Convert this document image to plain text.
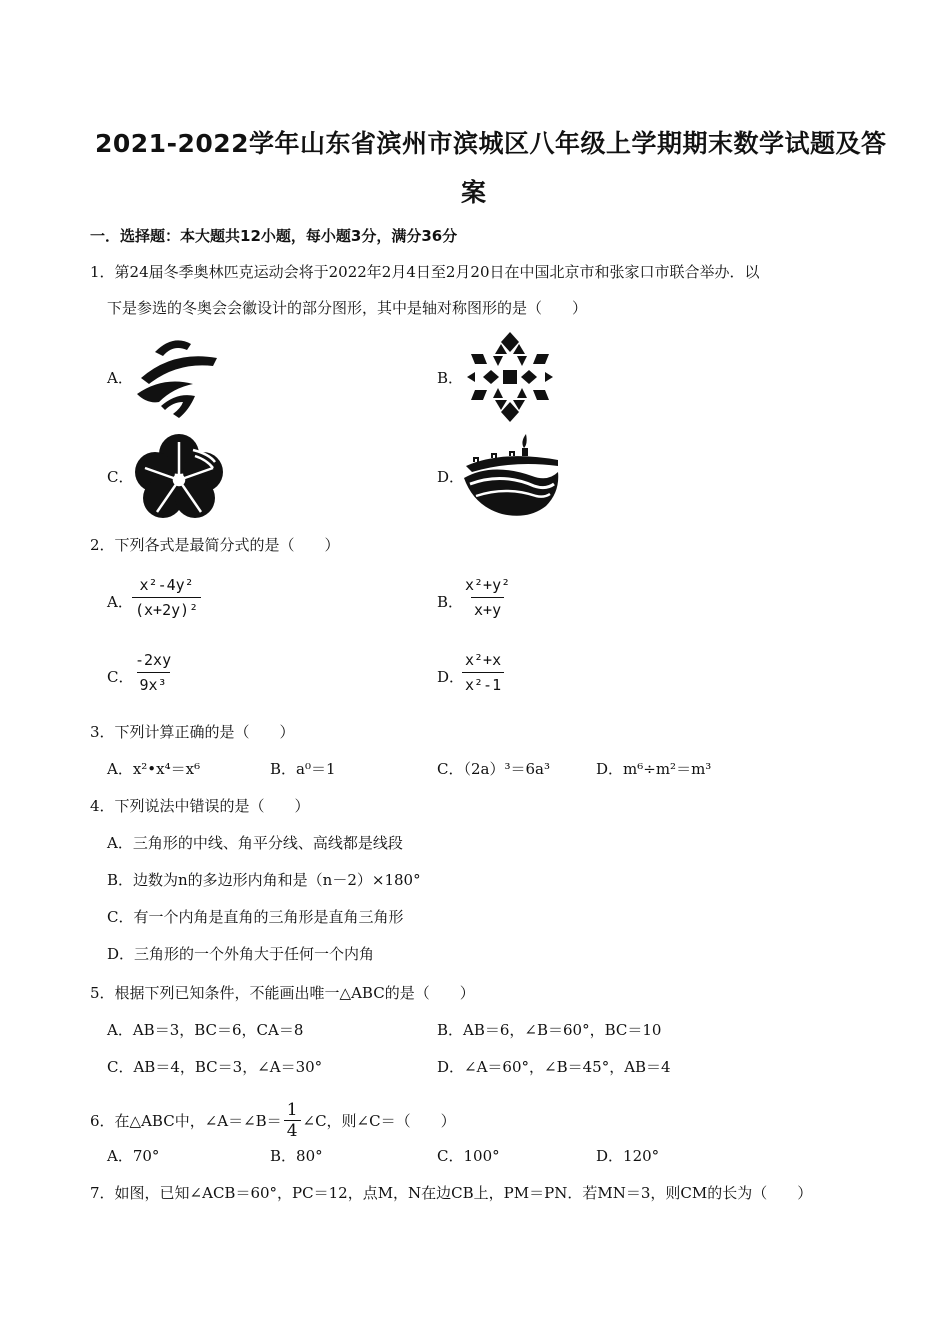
2021-2022学年山东省滨州市滨城区八年级上学期期末数学试题及答
案
一．选择题：本大题共12小题，每小题3分，满分36分
1．第24届冬季奥林匹克运动会将于2022年2月4日至2月20日在中国北京市和张家口市联合举办．以
下是参选的冬奥会会徽设计的部分图形，其中是轴对称图形的是（　　）
A．	B．
C．	D．
2．下列各式是最简分式的是（　　）
A． $\frac{\text{x²-4y²}}{\text{(x+2y)²}}$	B．
$\frac{\text{x²+y²}}{x+y}$
C．
$\frac{-2xy}{\text{9x³}}$	D．
$\frac{\text{x²+x}}{\text{x²-1}}$
3．下列计算正确的是（　　）
A．x²•x⁴＝x⁶	B．a⁰＝1	C．（2a）³＝6a³	D．m⁶÷m²＝m³
4．下列说法中错误的是（　　）
A．三角形的中线、角平分线、高线都是线段
B．边数为n的多边形内角和是（n－2）×180°
C．有一个内角是直角的三角形是直角三角形
D．三角形的一个外角大于任何一个内角
5．根据下列已知条件，不能画出唯一△ABC的是（　　）
A．AB＝3，BC＝6，CA＝8	B．AB＝6，∠B＝60°，BC＝10
C．AB＝4，BC＝3，∠A＝30°	D．∠A＝60°，∠B＝45°，AB＝4
6．在△ABC中，∠A＝∠B＝ $\frac{1}{4}$ ∠C，则∠C＝（　　）
A．70°	B．80°	C．100°	D．120°
7．如图，已知∠ACB＝60°，PC＝12，点M，N在边CB上，PM＝PN．若MN＝3，则CM的长为（　　）
